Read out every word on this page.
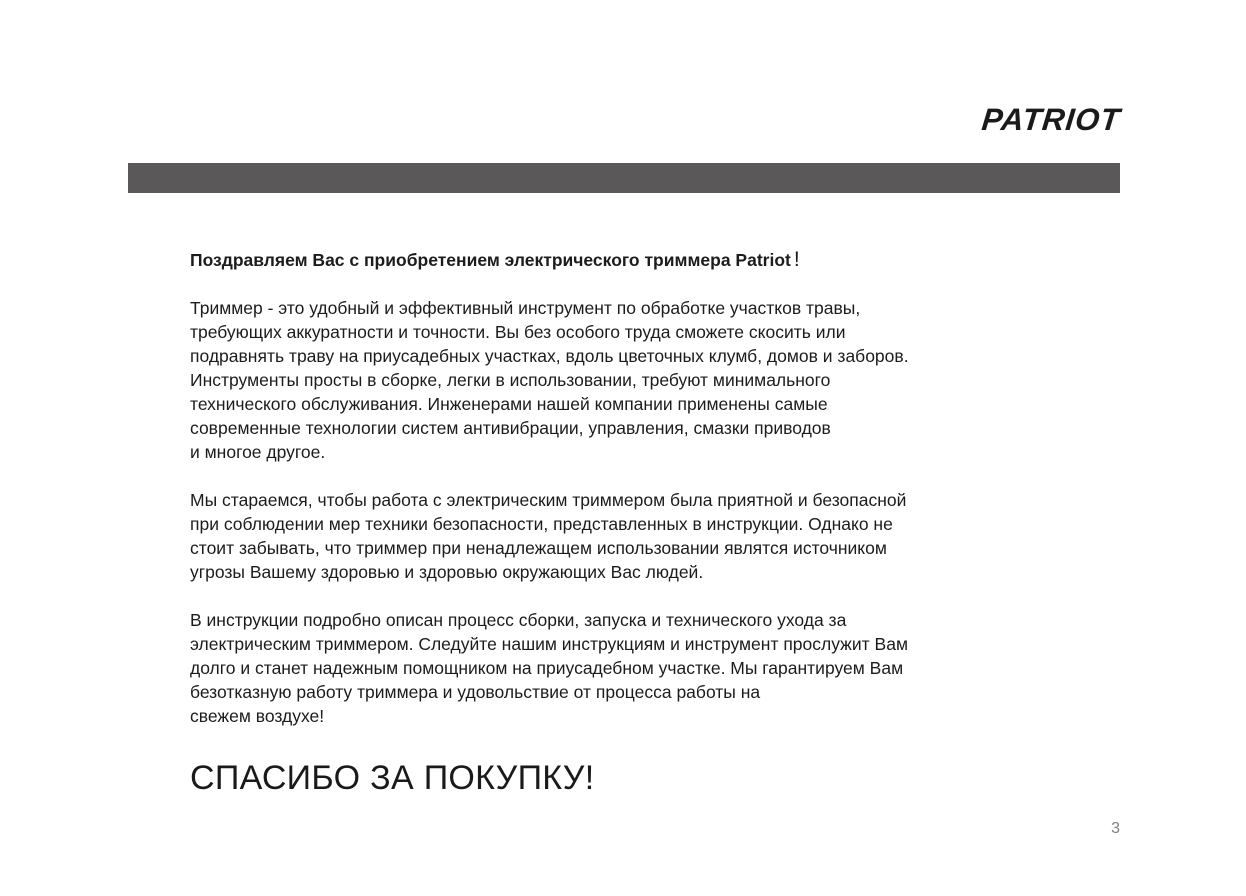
PATRIOT

Поздравляем Вас с приобретением электрического триммера Patriot !

Триммер - это удобный и эффективный инструмент по обработке участков травы,
требующих аккуратности и точности. Вы без особого труда сможете скосить или
подравнять траву на приусадебных участках, вдоль цветочных клумб, домов и заборов.
Инструменты просты в сборке, легки в использовании, требуют минимального
технического обслуживания. Инженерами нашей компании применены самые
современные технологии систем антивибрации, управления, смазки приводов
и многое другое.
Мы стараемся, чтобы работа с электрическим триммером была приятной и безопасной
при соблюдении мер техники безопасности, представленных в инструкции. Однако не
стоит забывать, что триммер при ненадлежащем использовании являтся источником
угрозы Вашему здоровью и здоровью окружающих Вас людей.
В инструкции подробно описан процесс сборки, запуска и технического ухода за
электрическим триммером. Следуйте нашим инструкциям и инструмент прослужит Вам
долго и станет надежным помощником на приусадебном участке. Мы гарантируем Вам
безотказную работу триммера и удовольствие от процесса работы на
свежем воздухе!
СПАСИБО ЗА ПОКУПКУ!
3
